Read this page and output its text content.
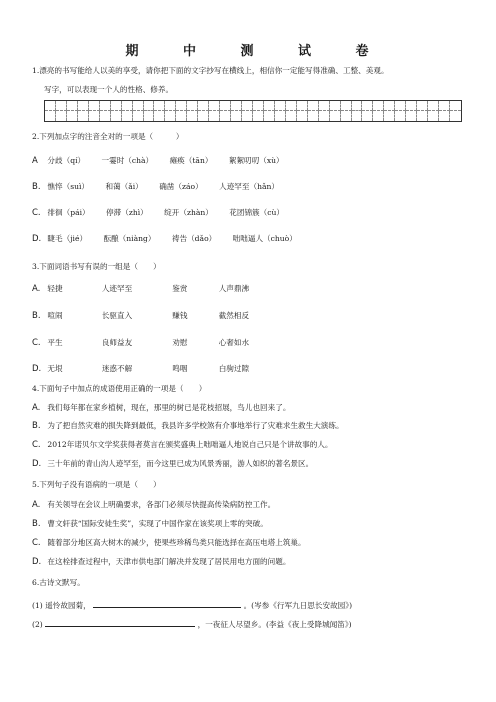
期 中 测 试 卷
1.漂亮的书写能给人以美的享受，请你把下面的文字抄写在横线上，相信你一定能写得准确、工整、美观。
写字，可以表现一个人的性格、修养。
2.下列加点字的注音全对的一项是（　　　）
A 分歧（qí） 一霎时（chà） 瘫痪（tān） 絮絮叨叨（xù）
B. 憔悴（suì） 和蔼（ǎi） 确凿（záo） 人迹罕至（hǎn）
C. 徘徊（pái） 停滞（zhì） 绽开（zhàn） 花团锦簇（cù）
D. 睫毛（jié） 酝酿（niàng） 祷告（dǎo） 咄咄逼人（chuò）
3.下面词语书写有误的一组是（　　）
A. 轻捷	人迹罕至	鉴赏	人声鼎沸
B. 喧闹	长驱直入	赚钱	截然相反
C. 平生	良师益友	劝慰	心奢如水
D. 无垠	迷惑不解	鸣咽	白驹过隙
4.下面句子中加点的成语使用正确的一项是（　　）
A. 我们每年都在家乡植树，现在，那里的树已是花枝招展，鸟儿也回来了。
B. 为了把自然灾难的损失降到最低，我县许多学校煞有介事地举行了灾难求生救生大演练。
C. 2012年诺贝尔文学奖获得者莫言在颁奖盛典上咄咄逼人地说自己只是个讲故事的人。
D. 三十年前的青山沟人迹罕至，而今这里已成为风景秀丽，游人如织的著名景区。
5.下列句子没有语病的一项是（　　）
A. 有关领导在会议上明确要求，各部门必须尽快提高传染病防控工作。
B. 曹文轩获“国际安徒生奖”，实现了中国作家在该奖项上零的突破。
C. 随着部分地区高大树木的减少，使果些珍稀鸟类只能选择在高压电塔上筑巢。
D. 在这栓排查过程中，天津市供电部门解决并发现了居民用电方面的问题。
6.古诗文默写。
(1) 遥怜故园菊，	。(岑参《行军九日思长安故园》)
(2)	，一夜征人尽望乡。(李益《夜上受降城闻笛》)
